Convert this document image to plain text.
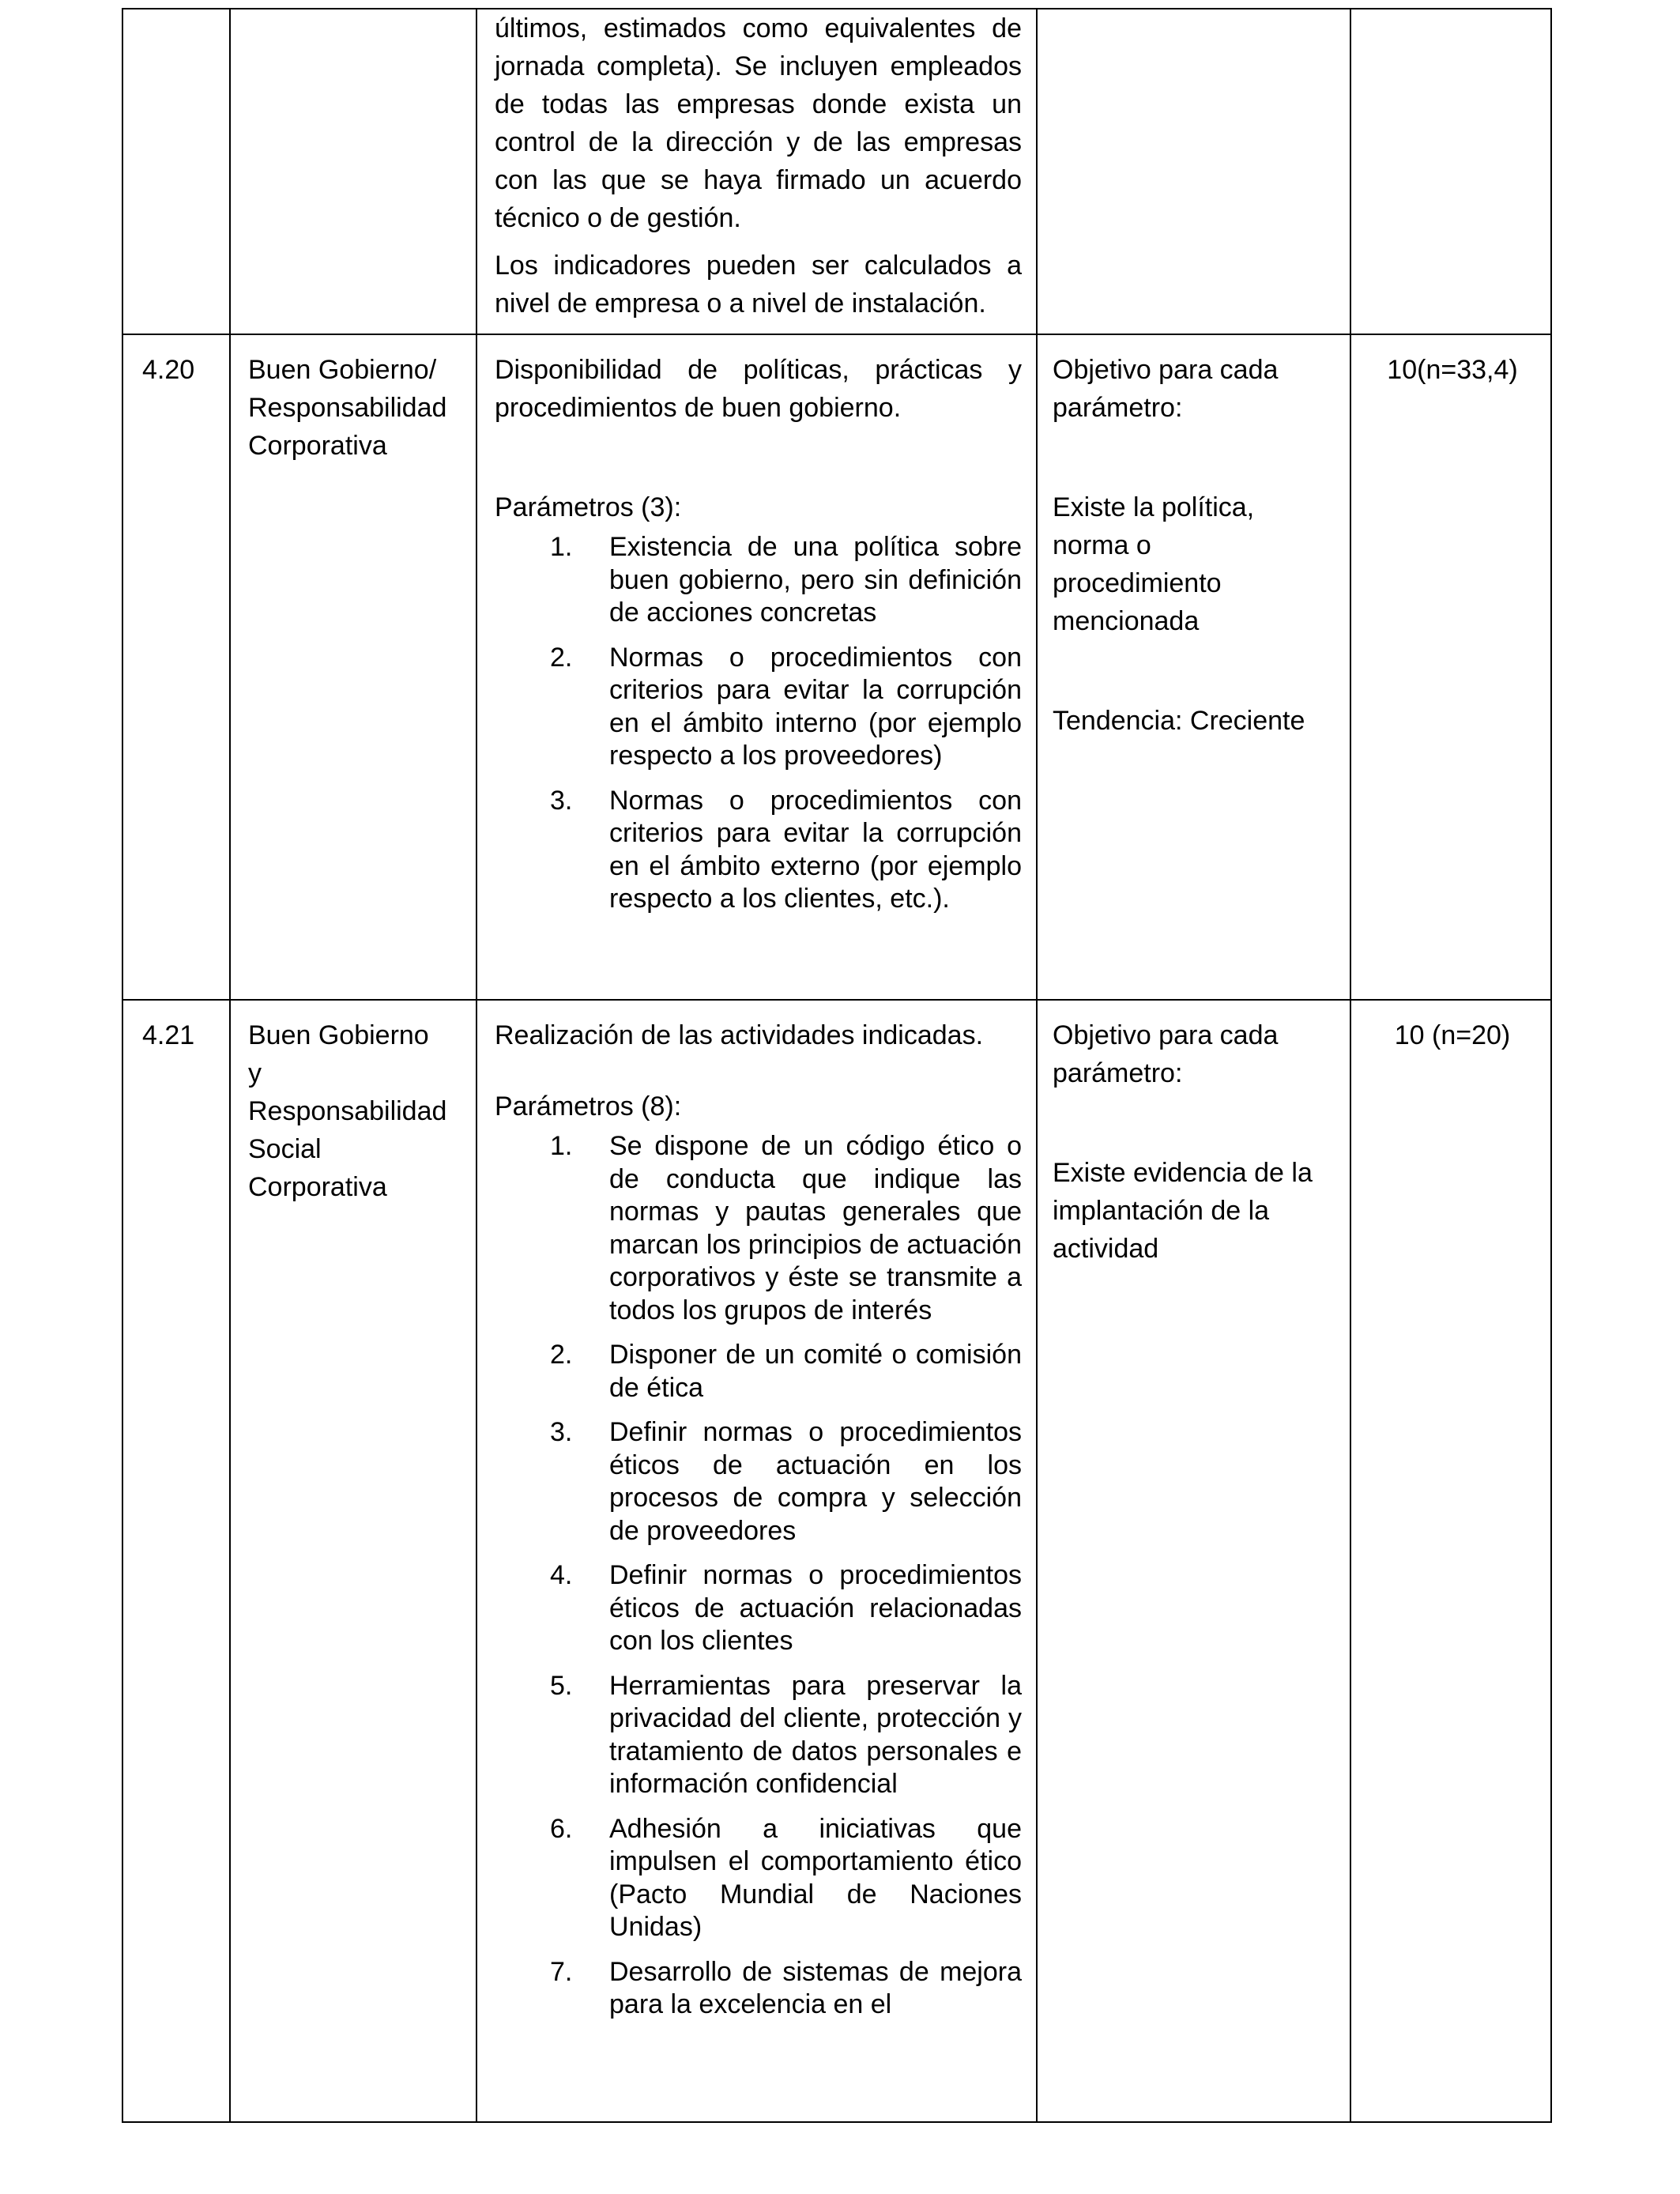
últimos, estimados como equivalentes de jornada completa). Se incluyen empleados de todas las empresas donde exista un control de la dirección y de las empresas con las que se haya firmado un acuerdo técnico o de gestión.

Los indicadores pueden ser calculados a nivel de empresa o a nivel de instalación.

4.20 Buen Gobierno/
Responsabilidad
Corporativa

Disponibilidad de políticas, prácticas y procedimientos de buen gobierno.

Parámetros (3):

1. Existencia de una política sobre buen gobierno, pero sin definición de acciones concretas
2. Normas o procedimientos con criterios para evitar la corrupción en el ámbito interno (por ejemplo respecto a los proveedores)
3. Normas o procedimientos con criterios para evitar la corrupción en el ámbito externo (por ejemplo respecto a los clientes, etc.).
Objetivo para cada
parámetro:
Existe la política,
norma o
procedimiento
mencionada
Tendencia: Creciente
10(n=33,4)
4.21 Buen Gobierno
y
Responsabilidad
Social
Corporativa

Realización de las actividades indicadas.

Parámetros (8):

1. Se dispone de un código ético o de conducta que indique las normas y pautas generales que marcan los principios de actuación corporativos y éste se transmite a todos los grupos de interés
2. Disponer de un comité o comisión de ética
3. Definir normas o procedimientos éticos de actuación en los procesos de compra y selección de proveedores
4. Definir normas o procedimientos éticos de actuación relacionadas con los clientes
5. Herramientas para preservar la privacidad del cliente, protección y tratamiento de datos personales e información confidencial
6. Adhesión a iniciativas que impulsen el comportamiento ético (Pacto Mundial de Naciones Unidas)
7. Desarrollo de sistemas de mejora para la excelencia en el
Objetivo para cada
parámetro:
Existe evidencia de la
implantación de la
actividad
10 (n=20)
